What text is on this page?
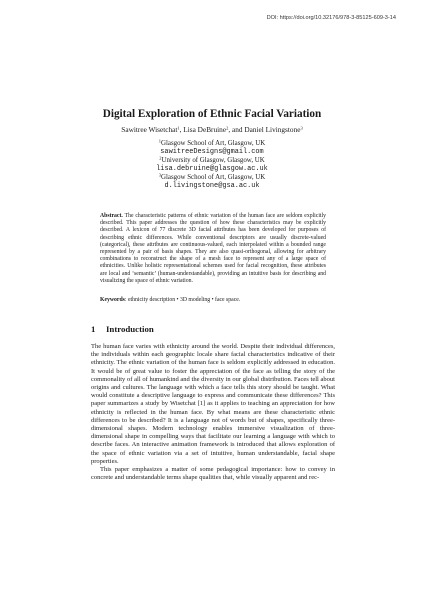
DOI: https://doi.org/10.32176/978-3-85125-609-3-14
Digital Exploration of Ethnic Facial Variation
Sawitree Wisetchat$^1$, Lisa DeBruine$^2$, and Daniel Livingstone$^3$
$^1$Glasgow School of Art, Glasgow, UK
sawitreeDesigns@gmail.com
$^2$University of Glasgow, Glasgow, UK
lisa.debruine@glasgow.ac.uk
$^3$Glasgow School of Art, Glasgow, UK
d.livingstone@gsa.ac.uk
Abstract. The characteristic patterns of ethnic variation of the human face are seldom explicitly described. This paper addresses the question of how these characteristics may be explicitly described. A lexicon of 77 discrete 3D facial attributes has been developed for purposes of describing ethnic differences. While conventional descriptors are usually discrete-valued (categorical), these attributes are continuous-valued, each interpolated within a bounded range represented by a pair of basis shapes. They are also quasi-orthogonal, allowing for arbitrary combinations to reconstruct the shape of a mesh face to represent any of a large space of ethnicities. Unlike holistic representational schemes used for facial recognition, these attributes are local and ‘semantic’ (human-understandable), providing an intuitive basis for describing and visualizing the space of ethnic variation.
Keywords: ethnicity description • 3D modeling • face space.
1 Introduction

The human face varies with ethnicity around the world. Despite their individual differences, the individuals within each geographic locale share facial characteristics indicative of their ethnicity. The ethnic variation of the human face is seldom explicitly addressed in education. It would be of great value to foster the appreciation of the face as telling the story of the commonality of all of humankind and the diversity in our global distribution. Faces tell about origins and cultures. The language with which a face tells this story should be taught. What would constitute a descriptive language to express and communicate these differences? This paper summarizes a study by Wisetchat [1] as it applies to teaching an appreciation for how ethnicity is reflected in the human face. By what means are these characteristic ethnic differences to be described? It is a language not of words but of shapes, specifically three-dimensional shapes. Modern technology enables immersive visualization of three-dimensional shape in compelling ways that facilitate our learning a language with which to describe faces. An interactive animation framework is introduced that allows exploration of the space of ethnic variation via a set of intuitive, human understandable, facial shape properties.

This paper emphasizes a matter of some pedagogical importance: how to convey in concrete and understandable terms shape qualities that, while visually apparent and rec-
